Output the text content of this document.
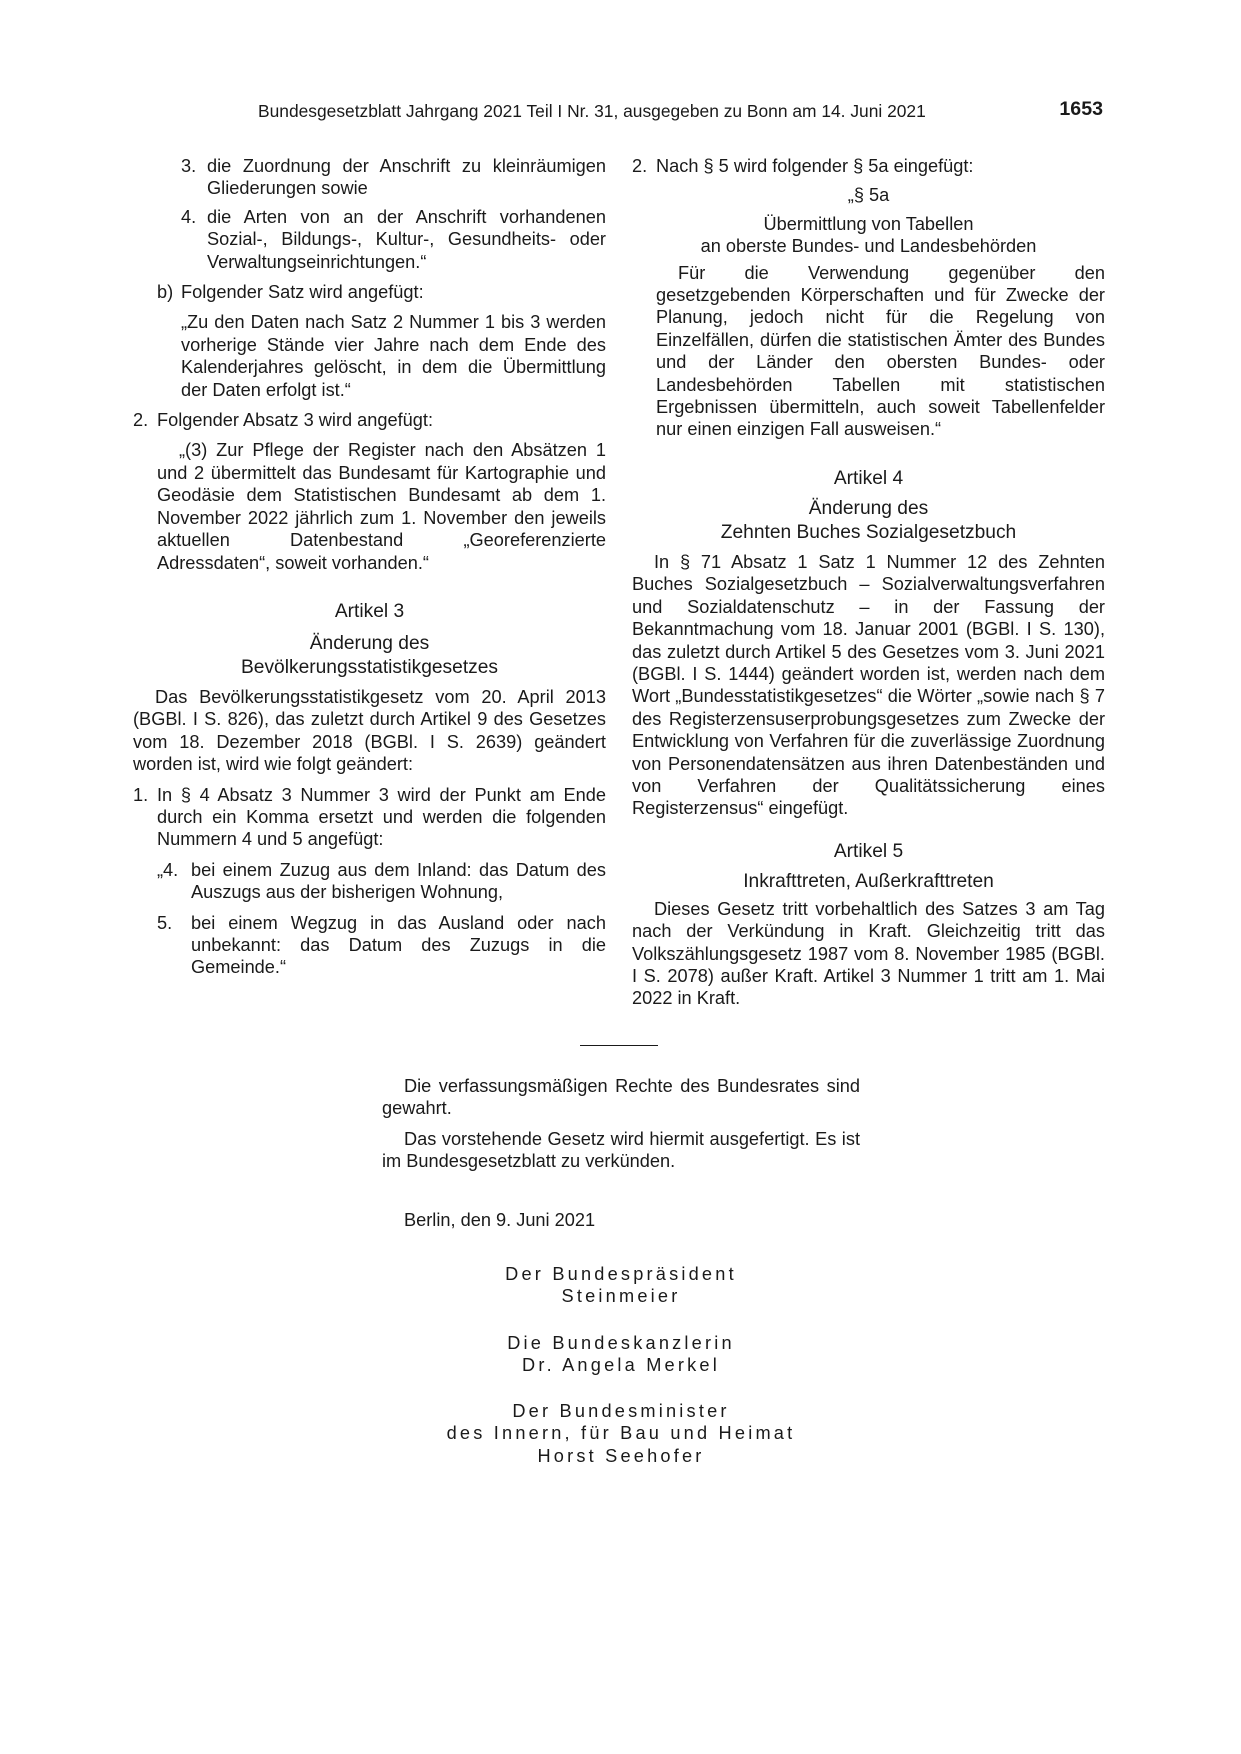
Bundesgesetzblatt Jahrgang 2021 Teil I Nr. 31, ausgegeben zu Bonn am 14. Juni 2021	1653
3. die Zuordnung der Anschrift zu kleinräumigen Gliederungen sowie

4. die Arten von an der Anschrift vorhandenen Sozial-, Bildungs-, Kultur-, Gesundheits- oder Verwaltungseinrichtungen.“

b) Folgender Satz wird angefügt:

„Zu den Daten nach Satz 2 Nummer 1 bis 3 werden vorherige Stände vier Jahre nach dem Ende des Kalenderjahres gelöscht, in dem die Übermittlung der Daten erfolgt ist.“

2. Folgender Absatz 3 wird angefügt:

„(3) Zur Pflege der Register nach den Absätzen 1 und 2 übermittelt das Bundesamt für Kartographie und Geodäsie dem Statistischen Bundesamt ab dem 1. November 2022 jährlich zum 1. November den jeweils aktuellen Datenbestand „Georeferenzierte Adressdaten“, soweit vorhanden.“

Artikel 3

Änderung des

Bevölkerungsstatistikgesetzes

Das Bevölkerungsstatistikgesetz vom 20. April 2013 (BGBl. I S. 826), das zuletzt durch Artikel 9 des Gesetzes vom 18. Dezember 2018 (BGBl. I S. 2639) geändert worden ist, wird wie folgt geändert:

1. In § 4 Absatz 3 Nummer 3 wird der Punkt am Ende durch ein Komma ersetzt und werden die folgenden Nummern 4 und 5 angefügt:

„4. bei einem Zuzug aus dem Inland: das Datum des Auszugs aus der bisherigen Wohnung,

5. bei einem Wegzug in das Ausland oder nach unbekannt: das Datum des Zuzugs in die Gemeinde.“

2. Nach § 5 wird folgender § 5a eingefügt:

„§ 5a

Übermittlung von Tabellen

an oberste Bundes- und Landesbehörden

Für die Verwendung gegenüber den gesetzgebenden Körperschaften und für Zwecke der Planung, jedoch nicht für die Regelung von Einzelfällen, dürfen die statistischen Ämter des Bundes und der Länder den obersten Bundes- oder Landesbehörden Tabellen mit statistischen Ergebnissen übermitteln, auch soweit Tabellenfelder nur einen einzigen Fall ausweisen.“

Artikel 4

Änderung des

Zehnten Buches Sozialgesetzbuch

In § 71 Absatz 1 Satz 1 Nummer 12 des Zehnten Buches Sozialgesetzbuch – Sozialverwaltungsverfahren und Sozialdatenschutz – in der Fassung der Bekanntmachung vom 18. Januar 2001 (BGBl. I S. 130), das zuletzt durch Artikel 5 des Gesetzes vom 3. Juni 2021 (BGBl. I S. 1444) geändert worden ist, werden nach dem Wort „Bundesstatistikgesetzes“ die Wörter „sowie nach § 7 des Registerzensuserprobungsgesetzes zum Zwecke der Entwicklung von Verfahren für die zuverlässige Zuordnung von Personendatensätzen aus ihren Datenbeständen und von Verfahren der Qualitätssicherung eines Registerzensus“ eingefügt.

Artikel 5

Inkrafttreten, Außerkrafttreten

Dieses Gesetz tritt vorbehaltlich des Satzes 3 am Tag nach der Verkündung in Kraft. Gleichzeitig tritt das Volkszählungsgesetz 1987 vom 8. November 1985 (BGBl. I S. 2078) außer Kraft. Artikel 3 Nummer 1 tritt am 1. Mai 2022 in Kraft.

Die verfassungsmäßigen Rechte des Bundesrates sind gewahrt.

Das vorstehende Gesetz wird hiermit ausgefertigt. Es ist im Bundesgesetzblatt zu verkünden.

Berlin, den 9. Juni 2021

Der Bundespräsident
Steinmeier
Die Bundeskanzlerin
Dr. Angela Merkel
Der Bundesminister
des Innern, für Bau und Heimat
Horst Seehofer
